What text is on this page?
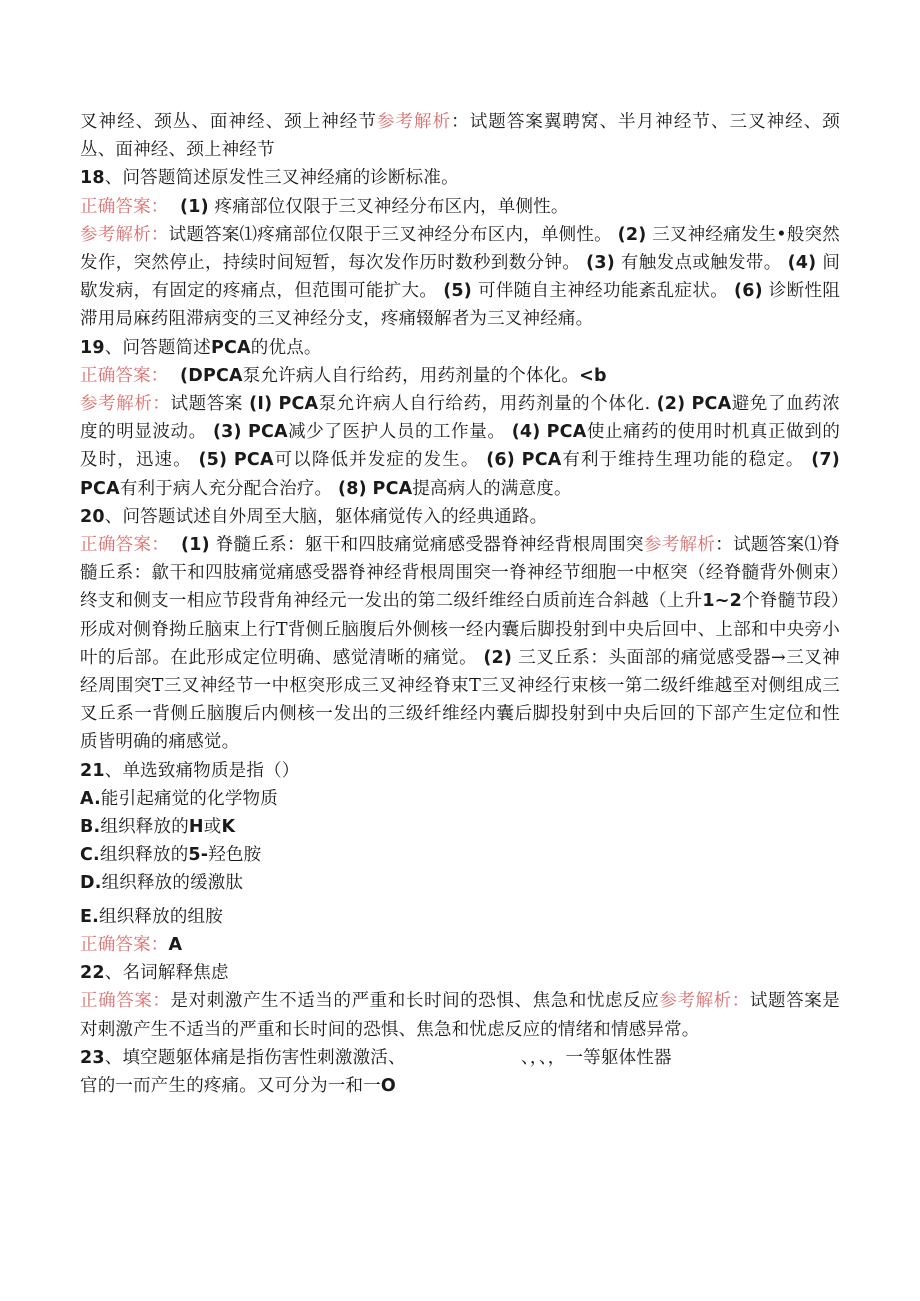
叉神经、颈丛、面神经、颈上神经节参考解析：试题答案翼聘窝、半月神经节、三叉神经、颈丛、面神经、颈上神经节

18、问答题简述原发性三叉神经痛的诊断标准。

正确答案： (1) 疼痛部位仅限于三叉神经分布区内，单侧性。

参考解析：试题答案⑴疼痛部位仅限于三叉神经分布区内，单侧性。 (2) 三叉神经痛发生•般突然发作，突然停止，持续时间短暂，每次发作历时数秒到数分钟。 (3) 有触发点或触发带。 (4) 间歇发病，有固定的疼痛点，但范围可能扩大。 (5) 可伴随自主神经功能紊乱症状。 (6) 诊断性阻滞用局麻药阻滞病变的三叉神经分支，疼痛辍解者为三叉神经痛。

19、问答题简述PCA的优点。

正确答案： (DPCA泵允许病人自行给药，用药剂量的个体化。<b

参考解析：试题答案 (I) PCA泵允许病人自行给药，用药剂量的个体化. (2) PCA避免了血药浓度的明显波动。 (3) PCA减少了医护人员的工作量。 (4) PCA使止痛药的使用时机真正做到的及时，迅速。 (5) PCA可以降低并发症的发生。 (6) PCA有利于维持生理功能的稳定。 (7) PCA有利于病人充分配合治疗。 (8) PCA提高病人的满意度。

20、问答题试述自外周至大脑，躯体痛觉传入的经典通路。

正确答案： (1) 脊髓丘系：躯干和四肢痛觉痛感受器脊神经背根周围突参考解析：试题答案⑴脊髓丘系：歙干和四肢痛觉痛感受器脊神经背根周围突一脊神经节细胞一中枢突（经脊髓背外侧束）终支和侧支一相应节段背角神经元一发出的第二级纤维经白质前连合斜越（上升1~2个脊髓节段）形成对侧脊拗丘脑束上行T背侧丘脑腹后外侧核一经内囊后脚投射到中央后回中、上部和中央旁小叶的后部。在此形成定位明确、感觉清晰的痛觉。 (2) 三叉丘系：头面部的痛觉感受器→三叉神经周围突T三叉神经节一中枢突形成三叉神经脊束T三叉神经行束核一第二级纤维越至对侧组成三叉丘系一背侧丘脑腹后内侧核一发出的三级纤维经内囊后脚投射到中央后回的下部产生定位和性质皆明确的痛感觉。

21、单选致痛物质是指（）

A.能引起痛觉的化学物质

B.组织释放的H或K

C.组织释放的5-羟色胺

D.组织释放的缓激肽

E.组织释放的组胺

正确答案：A

22、名词解释焦虑

正确答案：是对刺激产生不适当的严重和长时间的恐惧、焦急和忧虑反应参考解析：试题答案是对刺激产生不适当的严重和长时间的恐惧、焦急和忧虑反应的情绪和情感异常。

23、填空题躯体痛是指伤害性刺激激活、                    、，、，一等躯体性器

官的一而产生的疼痛。又可分为一和一O
